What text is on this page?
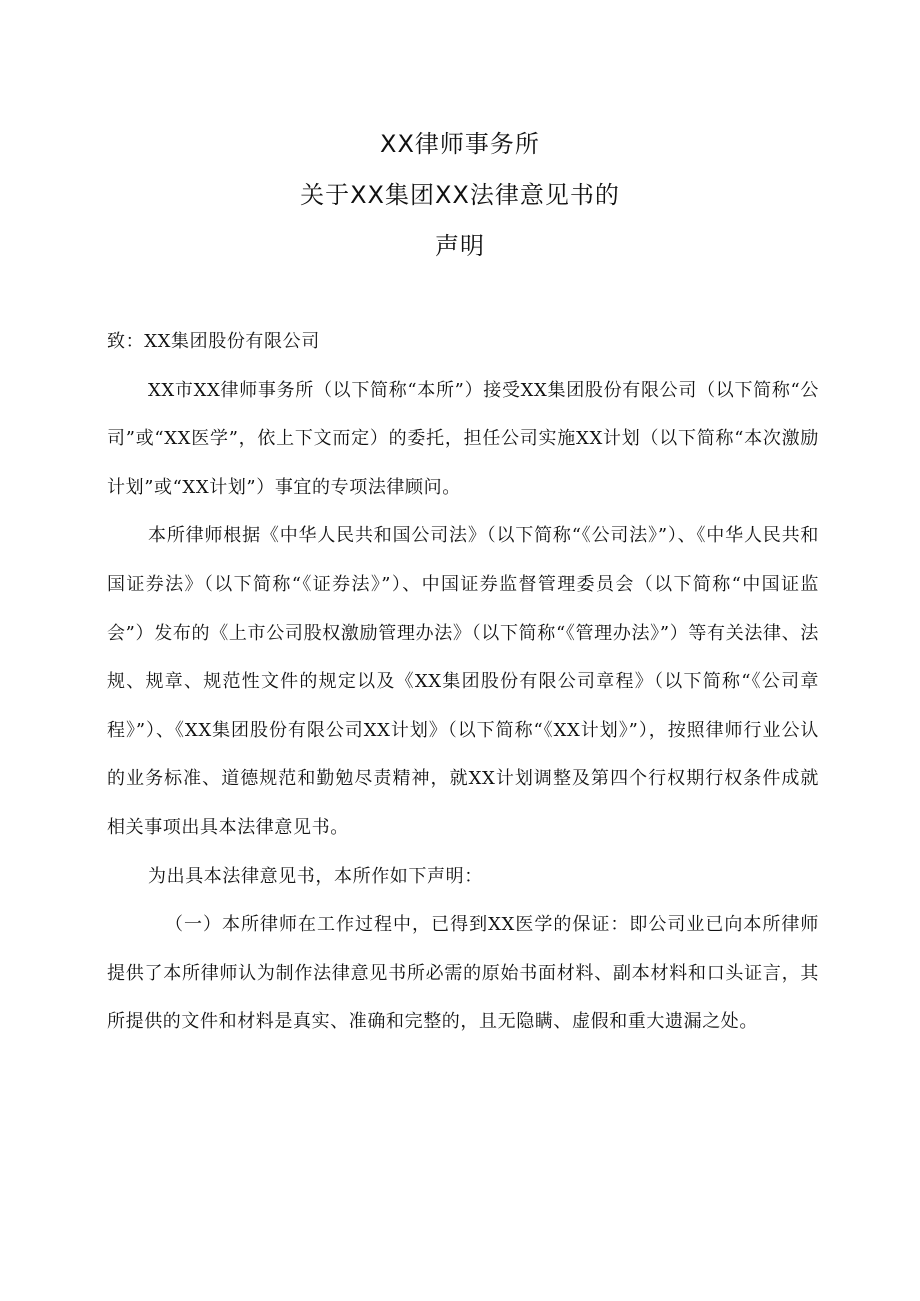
XX律师事务所
关于XX集团XX法律意见书的
声明

致：XX集团股份有限公司

XX市XX律师事务所（以下简称“本所”）接受XX集团股份有限公司（以下简称“公司”或“XX医学”，依上下文而定）的委托，担任公司实施XX计划（以下简称“本次激励计划”或“XX计划”）事宜的专项法律顾问。

本所律师根据《中华人民共和国公司法》（以下简称“《公司法》”）、《中华人民共和国证券法》（以下简称“《证券法》”）、中国证券监督管理委员会（以下简称“中国证监会”）发布的《上市公司股权激励管理办法》（以下简称“《管理办法》”）等有关法律、法规、规章、规范性文件的规定以及《XX集团股份有限公司章程》（以下简称“《公司章程》”）、《XX集团股份有限公司XX计划》（以下简称“《XX计划》”），按照律师行业公认的业务标准、道德规范和勤勉尽责精神，就XX计划调整及第四个行权期行权条件成就相关事项出具本法律意见书。

为出具本法律意见书，本所作如下声明：

（一）本所律师在工作过程中，已得到XX医学的保证：即公司业已向本所律师提供了本所律师认为制作法律意见书所必需的原始书面材料、副本材料和口头证言，其所提供的文件和材料是真实、准确和完整的，且无隐瞒、虚假和重大遗漏之处。
